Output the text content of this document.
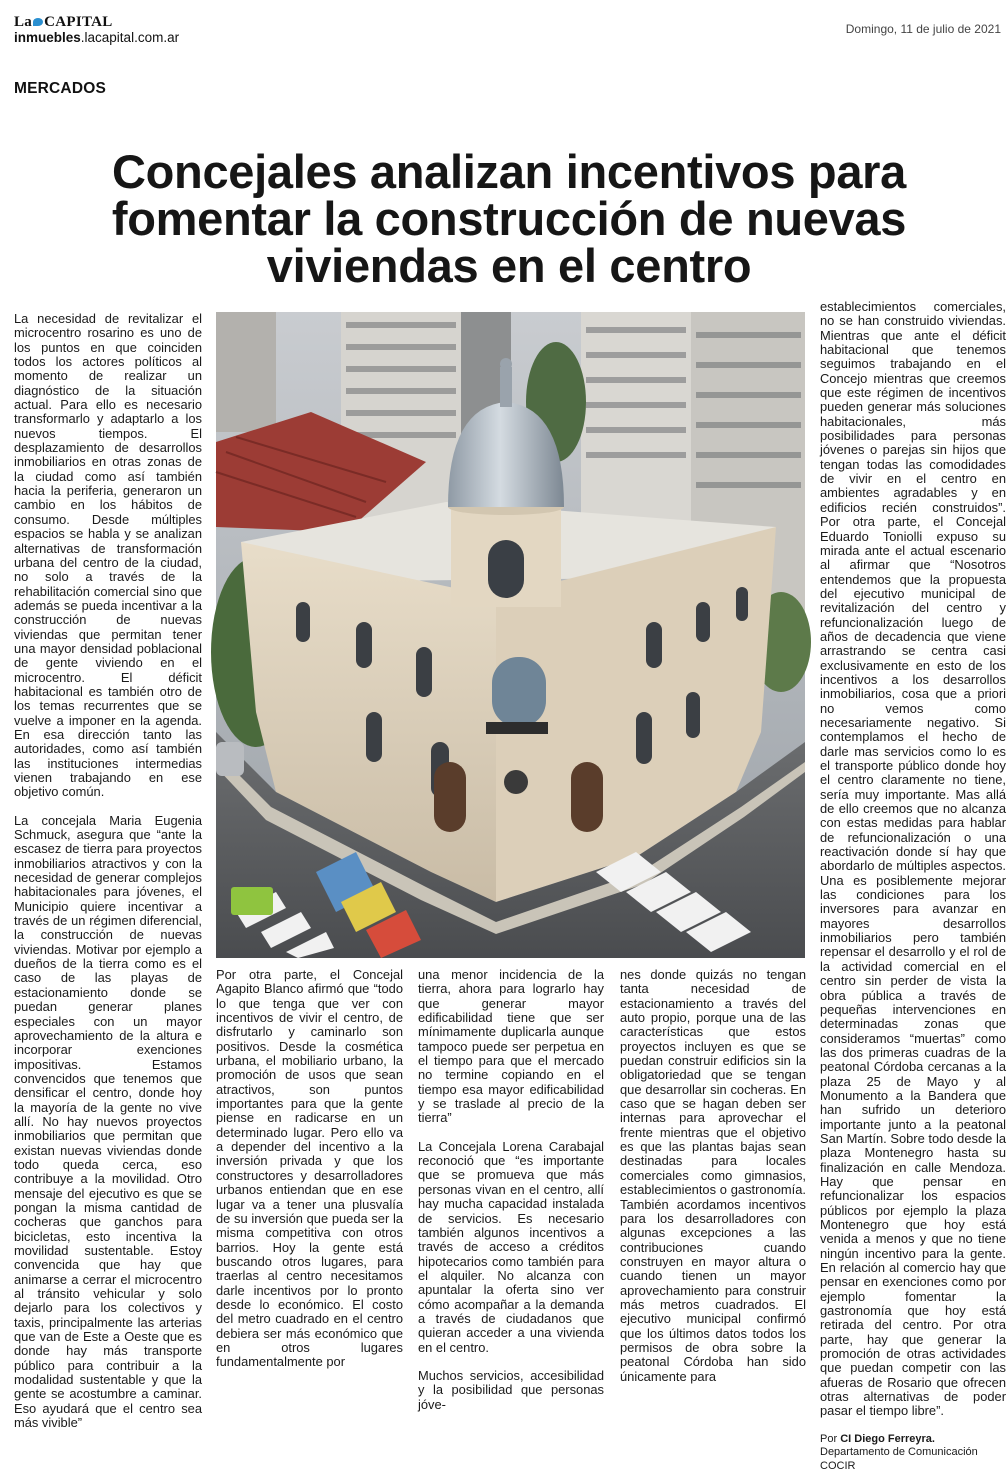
La CAPITAL
inmuebles.lacapital.com.ar
Domingo, 11 de julio de 2021
MERCADOS
Concejales analizan incentivos para
fomentar la construcción de nuevas
viviendas en el centro

La necesidad de revitalizar el microcentro rosarino es uno de los puntos en que coinciden todos los actores políticos al momento de realizar un diagnóstico de la situación actual. Para ello es necesario transformarlo y adaptarlo a los nuevos tiempos. El desplazamiento de desarrollos inmobiliarios en otras zonas de la ciudad como así también hacia la periferia, generaron un cambio en los hábitos de consumo. Desde múltiples espacios se habla y se analizan alternativas de transformación urbana del centro de la ciudad, no solo a través de la rehabilitación comercial sino que además se pueda incentivar a la construcción de nuevas viviendas que permitan tener una mayor densidad poblacional de gente viviendo en el microcentro. El déficit habitacional es también otro de los temas recurrentes que se vuelve a imponer en la agenda. En esa dirección tanto las autoridades, como así también las instituciones intermedias vienen trabajando en ese objetivo común.

La concejala Maria Eugenia Schmuck, asegura que “ante la escasez de tierra para proyectos inmobiliarios atractivos y con la necesidad de generar complejos habitacionales para jóvenes, el Municipio quiere incentivar a través de un régimen diferencial, la construcción de nuevas viviendas. Motivar por ejemplo a dueños de la tierra como es el caso de las playas de estacionamiento donde se puedan generar planes especiales con un mayor aprovechamiento de la altura e incorporar exenciones impositivas. Estamos convencidos que tenemos que densificar el centro, donde hoy la mayoría de la gente no vive allí. No hay nuevos proyectos inmobiliarios que permitan que existan nuevas viviendas donde todo queda cerca, eso contribuye a la movilidad. Otro mensaje del ejecutivo es que se pongan la misma cantidad de cocheras que ganchos para bicicletas, esto incentiva la movilidad sustentable. Estoy convencida que hay que animarse a cerrar el microcentro al tránsito vehicular y solo dejarlo para los colectivos y taxis, principalmente las arterias que van de Este a Oeste que es donde hay más transporte público para contribuir a la modalidad sustentable y que la gente se acostumbre a caminar. Eso ayudará que el centro sea más vivible”

Por otra parte, el Concejal Agapito Blanco afirmó que “todo lo que tenga que ver con incentivos de vivir el centro, de disfrutarlo y caminarlo son positivos. Desde la cosmética urbana, el mobiliario urbano, la promoción de usos que sean atractivos, son puntos importantes para que la gente piense en radicarse en un determinado lugar. Pero ello va a depender del incentivo a la inversión privada y que los constructores y desarrolladores urbanos entiendan que en ese lugar va a tener una plusvalía de su inversión que pueda ser la misma competitiva con otros barrios. Hoy la gente está buscando otros lugares, para traerlas al centro necesitamos darle incentivos por lo pronto desde lo económico. El costo del metro cuadrado en el centro debiera ser más económico que en otros lugares fundamentalmente por

una menor incidencia de la tierra, ahora para lograrlo hay que generar mayor edificabilidad tiene que ser mínimamente duplicarla aunque tampoco puede ser perpetua en el tiempo para que el mercado no termine copiando en el tiempo esa mayor edificabilidad y se traslade al precio de la tierra”

La Concejala Lorena Carabajal reconoció que “es importante que se promueva que más personas vivan en el centro, allí hay mucha capacidad instalada de servicios. Es necesario también algunos incentivos a través de acceso a créditos hipotecarios como también para el alquiler. No alcanza con apuntalar la oferta sino ver cómo acompañar a la demanda a través de ciudadanos que quieran acceder a una vivienda en el centro.

Muchos servicios, accesibilidad y la posibilidad que personas jóve-

nes donde quizás no tengan tanta necesidad de estacionamiento a través del auto propio, porque una de las características que estos proyectos incluyen es que se puedan construir edificios sin la obligatoriedad que se tengan que desarrollar sin cocheras. En caso que se hagan deben ser internas para aprovechar el frente mientras que el objetivo es que las plantas bajas sean destinadas para locales comerciales como gimnasios, establecimientos o gastronomía. También acordamos incentivos para los desarrolladores con algunas excepciones a las contribuciones cuando construyen en mayor altura o cuando tienen un mayor aprovechamiento para construir más metros cuadrados. El ejecutivo municipal confirmó que los últimos datos todos los permisos de obra sobre la peatonal Córdoba han sido únicamente para

establecimientos comerciales, no se han construido viviendas. Mientras que ante el déficit habitacional que tenemos seguimos trabajando en el Concejo mientras que creemos que este régimen de incentivos pueden generar más soluciones habitacionales, más posibilidades para personas jóvenes o parejas sin hijos que tengan todas las comodidades de vivir en el centro en ambientes agradables y en edificios recién construidos”. Por otra parte, el Concejal Eduardo Toniolli expuso su mirada ante el actual escenario al afirmar que “Nosotros entendemos que la propuesta del ejecutivo municipal de revitalización del centro y refuncionalización luego de años de decadencia que viene arrastrando se centra casi exclusivamente en esto de los incentivos a los desarrollos inmobiliarios, cosa que a priori no vemos como necesariamente negativo. Si contemplamos el hecho de darle mas servicios como lo es el transporte público donde hoy el centro claramente no tiene, sería muy importante. Mas allá de ello creemos que no alcanza con estas medidas para hablar de refuncionalización o una reactivación donde sí hay que abordarlo de múltiples aspectos. Una es posiblemente mejorar las condiciones para los inversores para avanzar en mayores desarrollos inmobiliarios pero también repensar el desarrollo y el rol de la actividad comercial en el centro sin perder de vista la obra pública a través de pequeñas intervenciones en determinadas zonas que consideramos “muertas” como las dos primeras cuadras de la peatonal Córdoba cercanas a la plaza 25 de Mayo y al Monumento a la Bandera que han sufrido un deterioro importante junto a la peatonal San Martín. Sobre todo desde la plaza Montenegro hasta su finalización en calle Mendoza. Hay que pensar en refuncionalizar los espacios públicos por ejemplo la plaza Montenegro que hoy está venida a menos y que no tiene ningún incentivo para la gente. En relación al comercio hay que pensar en exenciones como por ejemplo fomentar la gastronomía que hoy está retirada del centro. Por otra parte, hay que generar la promoción de otras actividades que puedan competir con las afueras de Rosario que ofrecen otras alternativas de poder pasar el tiempo libre”.

Por CI Diego Ferreyra. Departamento de Comunicación COCIR
